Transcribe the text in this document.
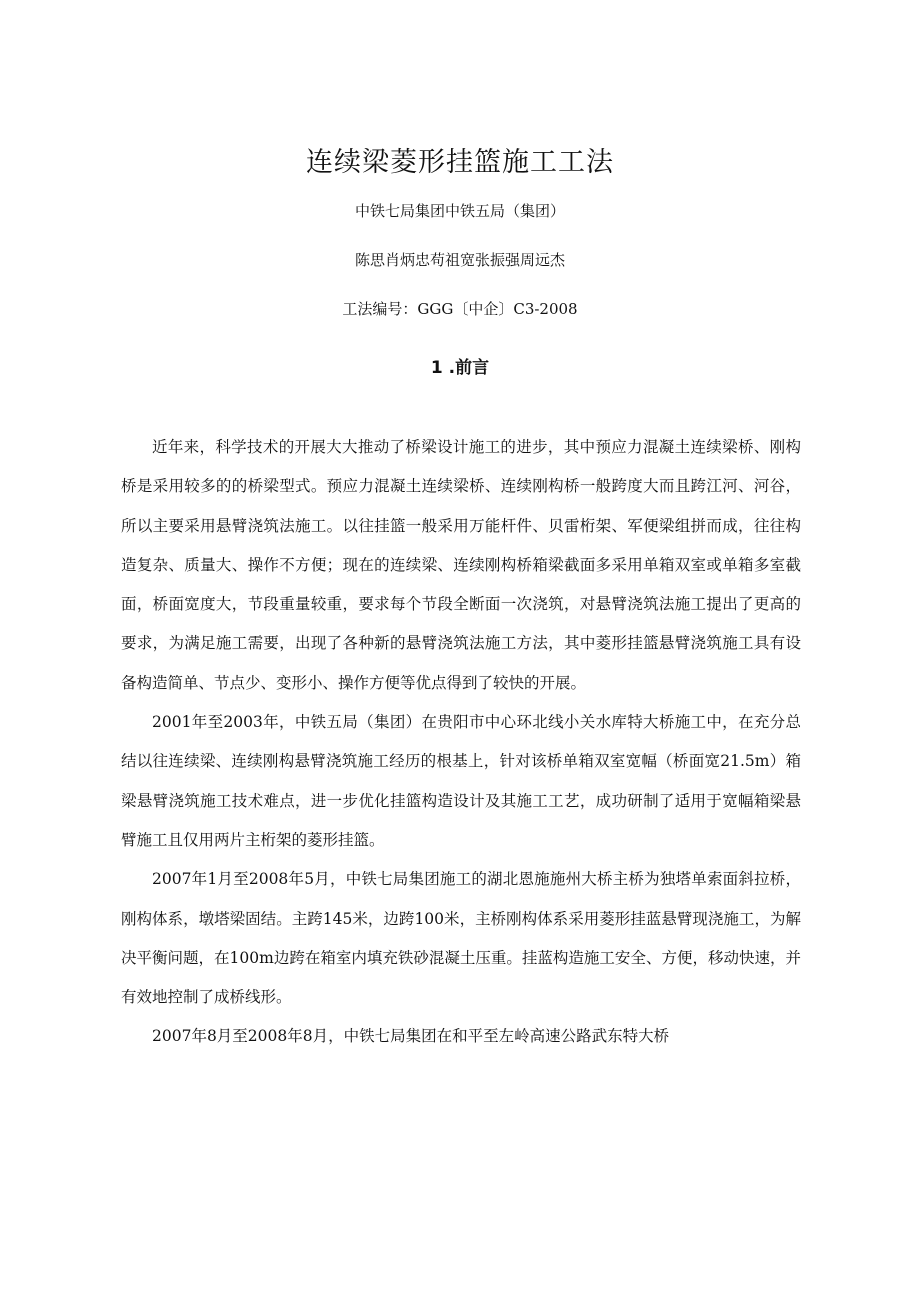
连续梁菱形挂篮施工工法

中铁七局集团中铁五局（集团）

陈思肖炳忠苟祖宽张振强周远杰

工法编号：GGG〔中企〕C3-2008

1 .前言

近年来，科学技术的开展大大推动了桥梁设计施工的进步，其中预应力混凝土连续梁桥、刚构桥是采用较多的的桥梁型式。预应力混凝土连续梁桥、连续刚构桥一般跨度大而且跨江河、河谷，所以主要采用悬臂浇筑法施工。以往挂篮一般采用万能杆件、贝雷桁架、军便梁组拼而成，往往构造复杂、质量大、操作不方便；现在的连续梁、连续刚构桥箱梁截面多采用单箱双室或单箱多室截面，桥面宽度大，节段重量较重，要求每个节段全断面一次浇筑，对悬臂浇筑法施工提出了更高的要求，为满足施工需要，出现了各种新的悬臂浇筑法施工方法，其中菱形挂篮悬臂浇筑施工具有设备构造简单、节点少、变形小、操作方便等优点得到了较快的开展。

2001年至2003年，中铁五局（集团）在贵阳市中心环北线小关水库特大桥施工中，在充分总结以往连续梁、连续刚构悬臂浇筑施工经历的根基上，针对该桥单箱双室宽幅（桥面宽21.5m）箱梁悬臂浇筑施工技术难点，进一步优化挂篮构造设计及其施工工艺，成功研制了适用于宽幅箱梁悬臂施工且仅用两片主桁架的菱形挂篮。

2007年1月至2008年5月，中铁七局集团施工的湖北恩施施州大桥主桥为独塔单索面斜拉桥，刚构体系，墩塔梁固结。主跨145米，边跨100米，主桥刚构体系采用菱形挂蓝悬臂现浇施工，为解决平衡问题，在100m边跨在箱室内填充铁砂混凝土压重。挂蓝构造施工安全、方便，移动快速，并有效地控制了成桥线形。

2007年8月至2008年8月，中铁七局集团在和平至左岭高速公路武东特大桥
